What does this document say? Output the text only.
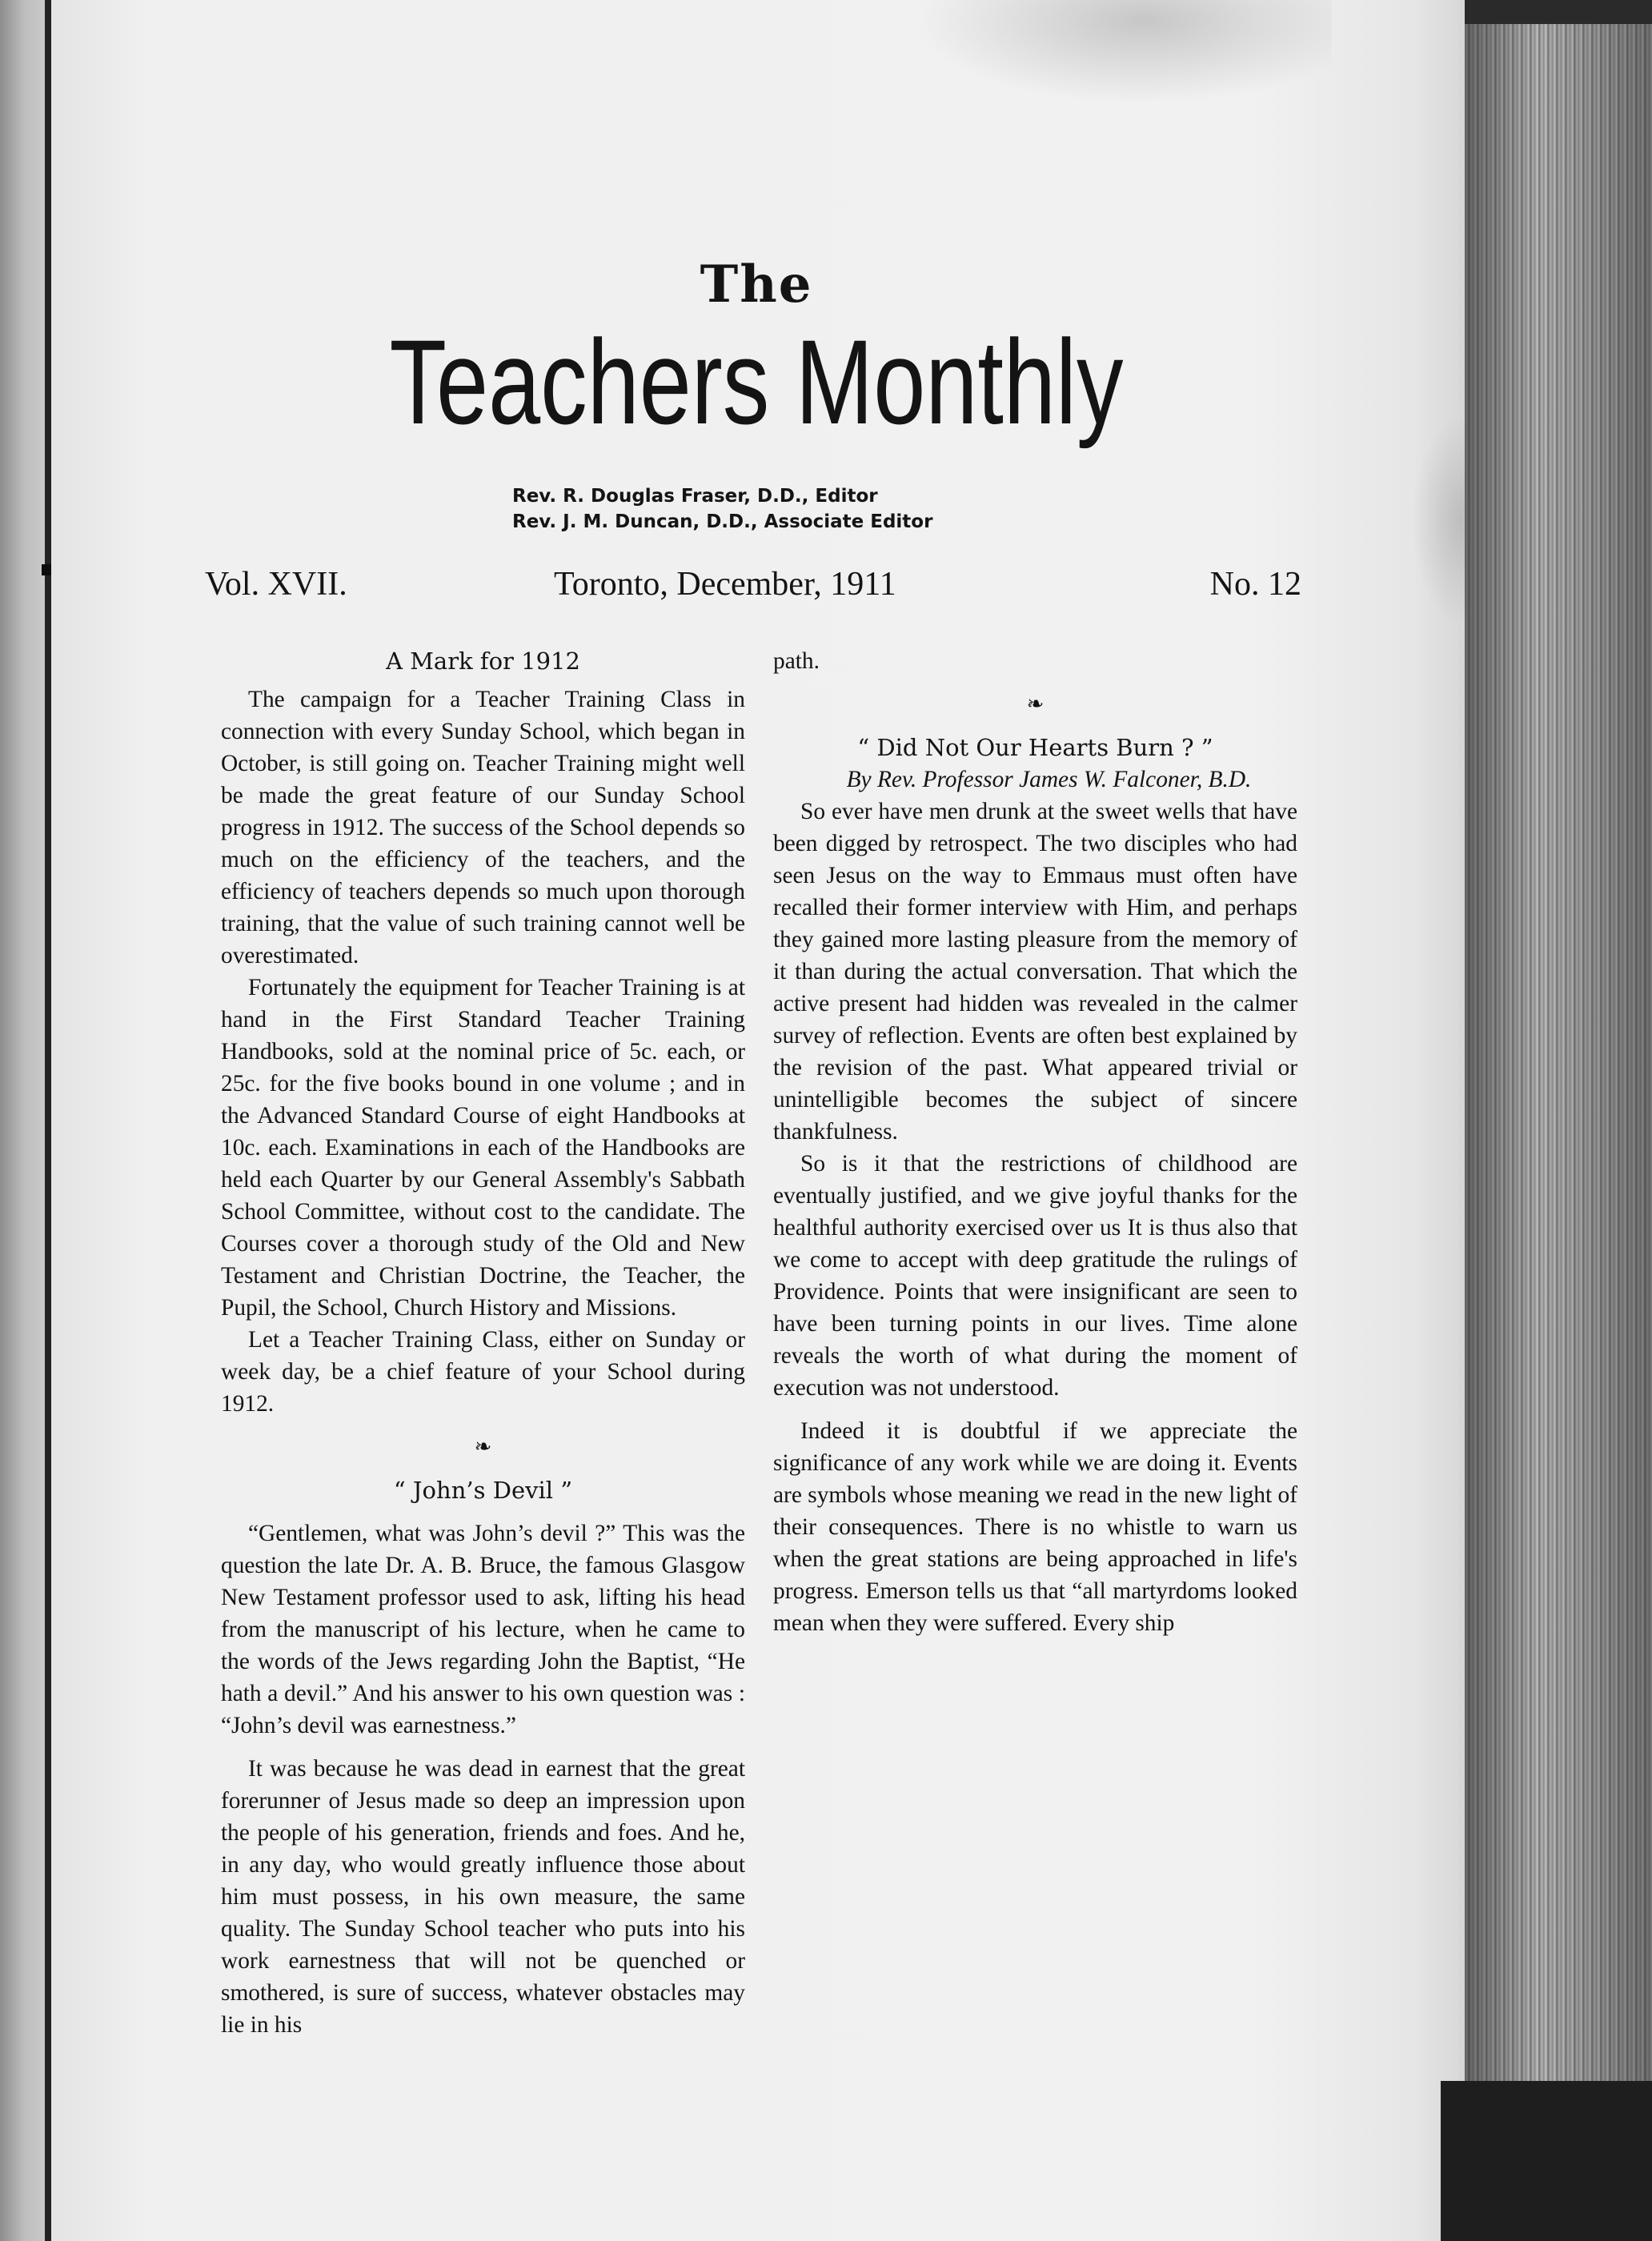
The
Teachers Monthly
Rev. R. Douglas Fraser, D.D., Editor
Rev. J. M. Duncan, D.D., Associate Editor
Vol. XVII.	Toronto, December, 1911	No. 12
A Mark for 1912

The campaign for a Teacher Training Class in connection with every Sunday School, which began in October, is still going on. Teacher Training might well be made the great feature of our Sunday School progress in 1912. The success of the School depends so much on the efficiency of the teachers, and the efficiency of teachers depends so much upon thorough training, that the value of such training cannot well be overestimated.

Fortunately the equipment for Teacher Training is at hand in the First Standard Teacher Training Handbooks, sold at the nominal price of 5c. each, or 25c. for the five books bound in one volume ; and in the Advanced Standard Course of eight Handbooks at 10c. each. Examinations in each of the Handbooks are held each Quarter by our General Assembly's Sabbath School Committee, without cost to the candidate. The Courses cover a thorough study of the Old and New Testament and Christian Doctrine, the Teacher, the Pupil, the School, Church History and Missions.

Let a Teacher Training Class, either on Sunday or week day, be a chief feature of your School during 1912.

❧
“ John’s Devil ”

“Gentlemen, what was John’s devil ?” This was the question the late Dr. A. B. Bruce, the famous Glasgow New Testament professor used to ask, lifting his head from the manuscript of his lecture, when he came to the words of the Jews regarding John the Baptist, “He hath a devil.” And his answer to his own question was : “John’s devil was earnestness.”

It was because he was dead in earnest that the great forerunner of Jesus made so deep an impression upon the people of his generation, friends and foes. And he, in any day, who would greatly influence those about him must possess, in his own measure, the same quality. The Sunday School teacher who puts into his work earnestness that will not be quenched or smothered, is sure of success, whatever obstacles may lie in his

path.
❧
“ Did Not Our Hearts Burn ? ”

By Rev. Professor James W. Falconer, B.D.

So ever have men drunk at the sweet wells that have been digged by retrospect. The two disciples who had seen Jesus on the way to Emmaus must often have recalled their former interview with Him, and perhaps they gained more lasting pleasure from the memory of it than during the actual conversation. That which the active present had hidden was revealed in the calmer survey of reflection. Events are often best explained by the revision of the past. What appeared trivial or unintelligible becomes the subject of sincere thankfulness.

So is it that the restrictions of childhood are eventually justified, and we give joyful thanks for the healthful authority exercised over us It is thus also that we come to accept with deep gratitude the rulings of Providence. Points that were insignificant are seen to have been turning points in our lives. Time alone reveals the worth of what during the moment of execution was not understood.

Indeed it is doubtful if we appreciate the significance of any work while we are doing it. Events are symbols whose meaning we read in the new light of their consequences. There is no whistle to warn us when the great stations are being approached in life's progress. Emerson tells us that “all martyrdoms looked mean when they were suffered. Every ship
